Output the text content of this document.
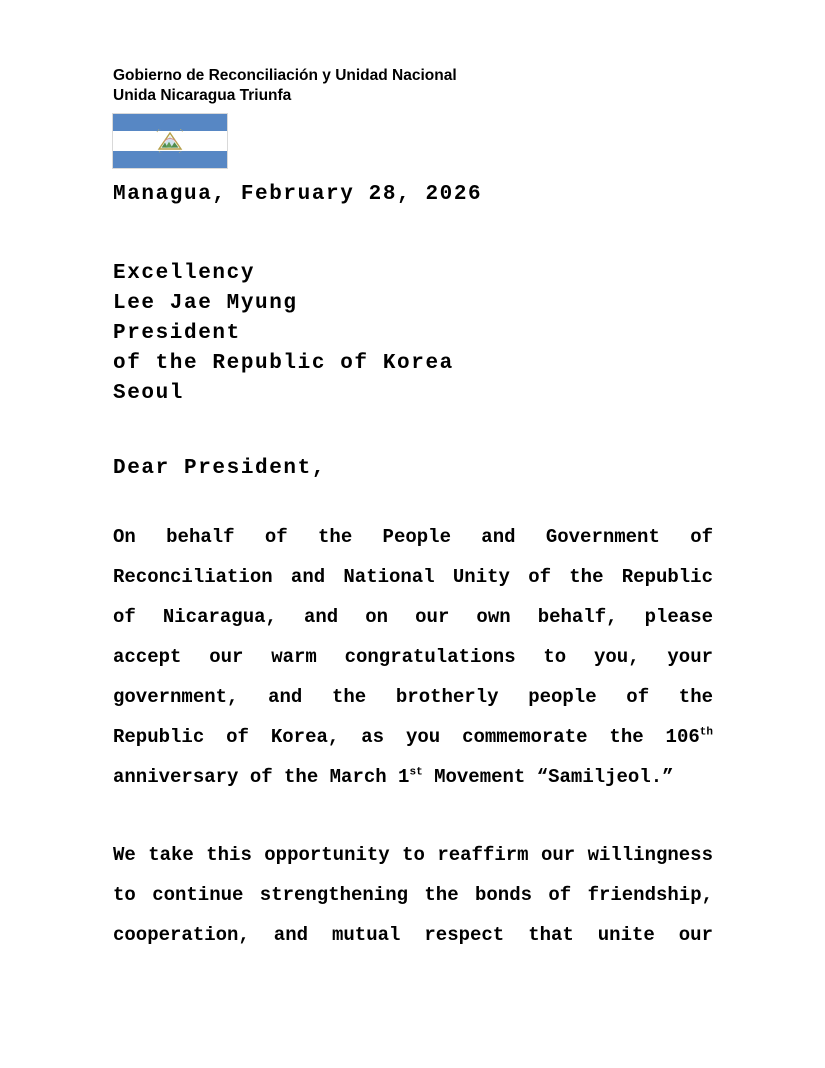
Gobierno de Reconciliación y Unidad Nacional
Unida Nicaragua Triunfa
Managua, February 28, 2026
Excellency
Lee Jae Myung
President
of the Republic of Korea
Seoul
Dear President,
On behalf of the People and Government of
Reconciliation and National Unity of the Republic
of Nicaragua, and on our own behalf, please
accept our warm congratulations to you, your
government, and the brotherly people of the
Republic of Korea, as you commemorate the 106th
anniversary of the March 1st Movement “Samiljeol.”
We take this opportunity to reaffirm our willingness
to continue strengthening the bonds of friendship,
cooperation, and mutual respect that unite our
